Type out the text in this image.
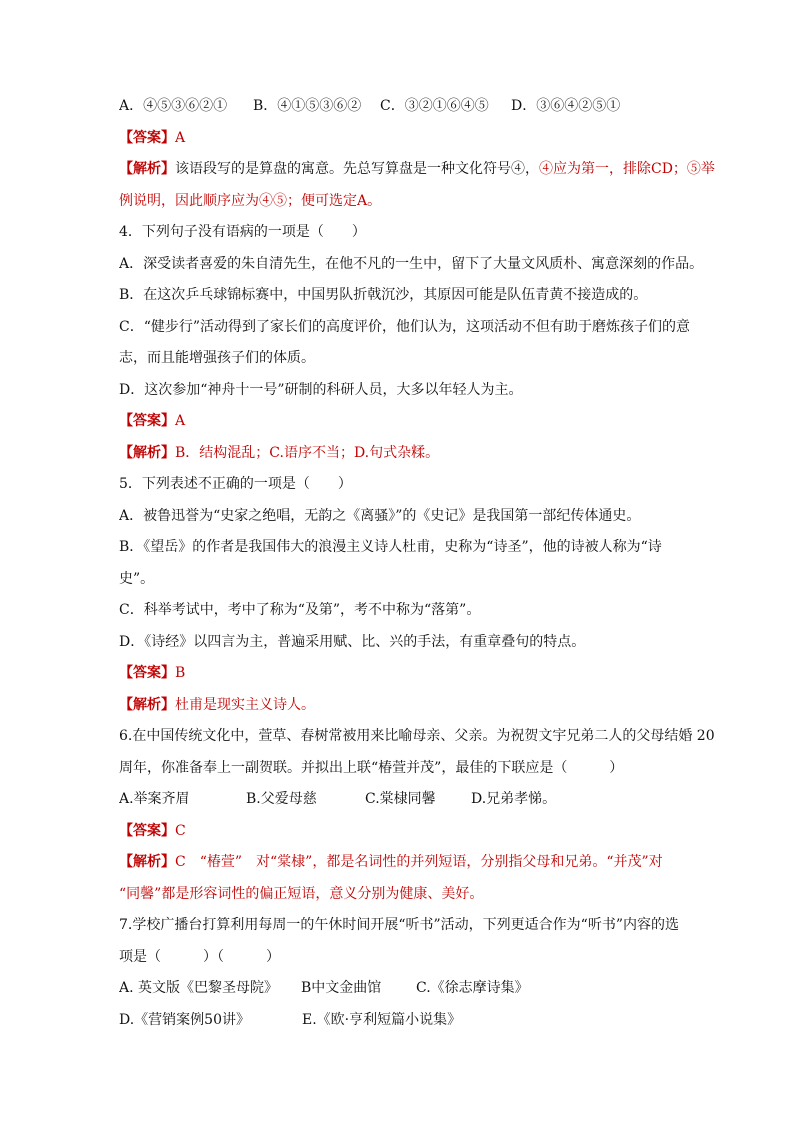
A．④⑤③⑥②① B．④①⑤③⑥② C．③②①⑥④⑤ D．③⑥④②⑤①
【答案】A
【解析】该语段写的是算盘的寓意。先总写算盘是一种文化符号④，④应为第一，排除CD；⑤举
例说明，因此顺序应为④⑤；便可选定A。
4．下列句子没有语病的一项是（　　）
A．深受读者喜爱的朱自清先生，在他不凡的一生中，留下了大量文风质朴、寓意深刻的作品。
B．在这次乒乓球锦标赛中，中国男队折戟沉沙，其原因可能是队伍青黄不接造成的。
C．“健步行”活动得到了家长们的高度评价，他们认为，这项活动不但有助于磨炼孩子们的意
志，而且能增强孩子们的体质。
D．这次参加“神舟十一号”研制的科研人员，大多以年轻人为主。
【答案】A
【解析】B．结构混乱；C.语序不当；D.句式杂糅。
5．下列表述不正确的一项是（　　）
A．被鲁迅誉为“史家之绝唱，无韵之《离骚》”的《史记》是我国第一部纪传体通史。
B．《望岳》的作者是我国伟大的浪漫主义诗人杜甫，史称为“诗圣”，他的诗被人称为“诗
史”。
C．科举考试中，考中了称为“及第”，考不中称为“落第”。
D．《诗经》以四言为主，普遍采用赋、比、兴的手法，有重章叠句的特点。
【答案】B
【解析】杜甫是现实主义诗人。
6.在中国传统文化中，萱草、春树常被用来比喻母亲、父亲。为祝贺文宇兄弟二人的父母结婚 20
周年，你准备奉上一副贺联。并拟出上联“椿萱并茂”，最佳的下联应是（　　　）
A.举案齐眉	B.父爱母慈	C.棠棣同馨	D.兄弟孝悌。
【答案】C
【解析】C　“椿萱”　对“棠棣”，都是名词性的并列短语，分别指父母和兄弟。“并茂”对
“同馨”都是形容词性的偏正短语，意义分别为健康、美好。
7.学校广播台打算利用每周一的午休时间开展“听书”活动，下列更适合作为“听书”内容的选
项是（　　　）（　　　）
A. 英文版《巴黎圣母院》 B中文金曲馆 C.《徐志摩诗集》
D.《营销案例50讲》	E.《欧·亨利短篇小说集》
